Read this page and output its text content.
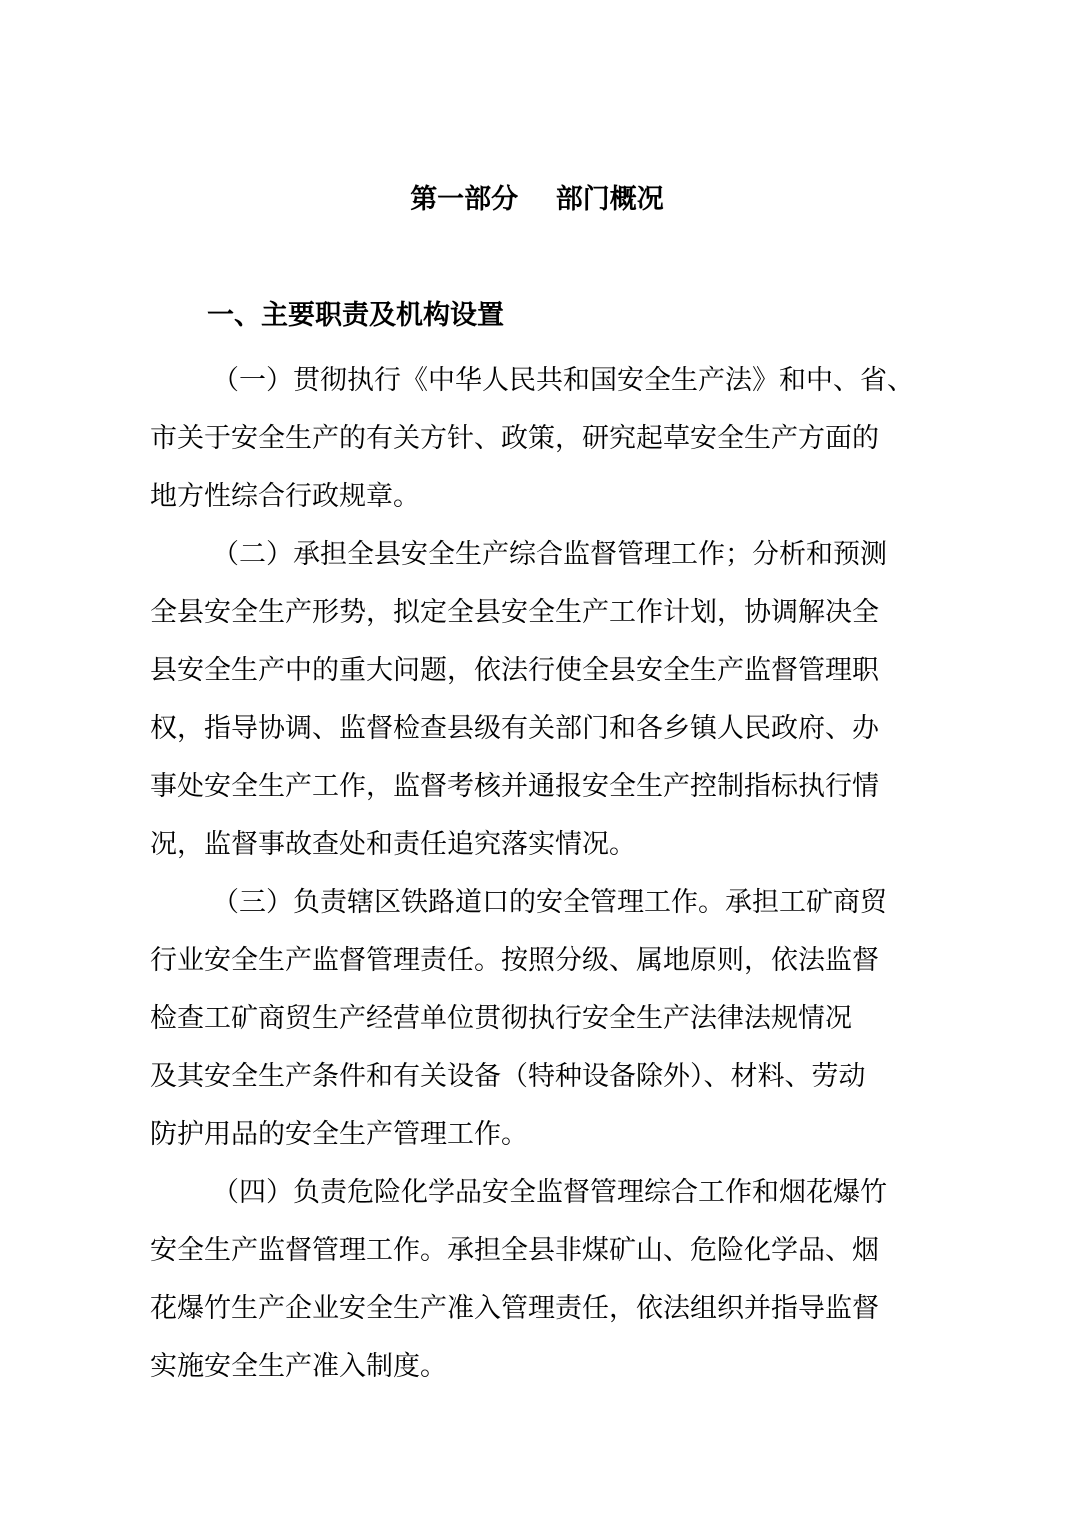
第一部分    部门概况
一、主要职责及机构设置

（一）贯彻执行《中华人民共和国安全生产法》和中、省、
市关于安全生产的有关方针、政策，研究起草安全生产方面的
地方性综合行政规章。

（二）承担全县安全生产综合监督管理工作；分析和预测
全县安全生产形势，拟定全县安全生产工作计划，协调解决全
县安全生产中的重大问题，依法行使全县安全生产监督管理职
权，指导协调、监督检查县级有关部门和各乡镇人民政府、办
事处安全生产工作，监督考核并通报安全生产控制指标执行情
况，监督事故查处和责任追究落实情况。

（三）负责辖区铁路道口的安全管理工作。承担工矿商贸
行业安全生产监督管理责任。按照分级、属地原则，依法监督
检查工矿商贸生产经营单位贯彻执行安全生产法律法规情况
及其安全生产条件和有关设备（特种设备除外）、材料、劳动
防护用品的安全生产管理工作。

（四）负责危险化学品安全监督管理综合工作和烟花爆竹
安全生产监督管理工作。承担全县非煤矿山、危险化学品、烟
花爆竹生产企业安全生产准入管理责任，依法组织并指导监督
实施安全生产准入制度。
